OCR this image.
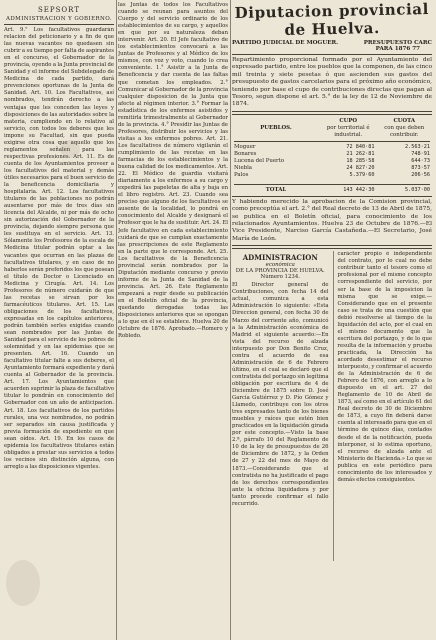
SEPSORT
ADMINISTRACION Y GOBIERNO.

Art. 9.° Los facultativos guardarán relacion del peticionario y a fin de que las nuevas vacantes no quedasen sin cubrir a su tiempo por falta de aspirantes en el concurso, el Gobernador de la provincia, oyendo a la Junta provincial de Sanidad y el informe del Subdelegado de Medicina de cada partido, dará prevenciones oportunas de la Junta de Sanidad. Art. 10. Los Facultativos, así nombrados, tendrán derecho a las ventajas que les conceden las leyes y disposiciones de las autoridades sobre la materia, cumpliendo en lo relativo al servicio, con todos los deberes que les impone su Facultad, sin que pueda exigirse otra cosa que aquello que los reglamentos señalen para las respectivas profesiones. Art. 11. Es de cuenta de los Ayuntamientos proveer a los facultativos del material y demás útiles necesarios para el buen servicio de la beneficencia domiciliaria y hospitalaria. Art. 12. Los facultativos titulares de las poblaciones no podrán ausentarse por más de tres días sin licencia del Alcalde, ni por más de ocho sin autorización del Gobernador de la provincia, dejando siempre persona que les sustituya en el servicio. Art. 13. Sólamente los Profesores de la escala de Medicina titular podrán optar a las vacantes que ocurran en las plazas de facultativos titulares, y en caso de no haberlos serán preferidos los que posean el título de Doctor o Licenciado en Medicina y Cirugía. Art. 14. Los Profesores de número cuidarán de que las recetas se sirvan por los farmacéuticos titulares. Art. 15. Las obligaciones de los facultativos, expresadas en los capítulos anteriores, podrán también serles exigidas cuando sean nombrados por las Juntas de Sanidad para el servicio de los pobres de solemnidad y en las epidemias que se presenten. Art. 16. Cuando un facultativo titular falte a sus deberes, el Ayuntamiento formará expediente y dará cuenta al Gobernador de la provincia. Art. 17. Los Ayuntamientos que acuerden suprimir la plaza de facultativo titular lo pondrán en conocimiento del Gobernador con un año de anticipacion. Art. 18. Los facultativos de los partidos rurales, una vez nombrados, no podrán ser separados sin causa justificada y previa formación de expediente en que sean oídos. Art. 19. En los casos de epidemia los facultativos titulares están obligados a prestar sus servicios a todos los vecinos sin distinción alguna, con arreglo a las disposiciones vigentes.

las Juntas de todos los Facultativos cuando se reunan para asuntos del Cuerpo y del servicio ordinario de los establecimientos de su cargo, y aquellos en que por su naturaleza deban intervenir. Art. 20. El Jefe facultativo de los establecimientos convocará a las Juntas de Profesores y al Médico de los mismos, con voz y voto, cuando lo crea conveniente. 1.° Asistir a la Junta de Beneficencia y dar cuenta de las faltas que cometan los empleados. 2.° Comunicar al Gobernador de la provincia cualquier disposicion de la Junta que afecte al régimen interior. 3.° Formar la estadística de los enfermos asistidos y remitirla trimestralmente al Gobernador de la provincia. 4.° Presidir las Juntas de Profesores, distribuir los servicios y las visitas a los enfermos pobres. Art. 21. Los facultativos de número vigilarán el cumplimiento de las recetas en las farmacias de los establecimientos y la buena calidad de los medicamentos. Art. 22. El Médico de guardia visitará diariamente a los enfermos a su cargo y expedirá las papeletas de alta y baja en el libro registro. Art. 23. Cuando sea preciso que alguno de los facultativos se ausente de la localidad, lo pondrá en conocimiento del Alcalde y designará el Profesor que le ha de sustituir. Art. 24. El Jefe facultativo en cada establecimiento cuidará de que se cumplan exactamente las prescripciones de este Reglamento en la parte que le corresponde. Art. 25. Los facultativos de la Beneficencia provincial serán nombrados por la Diputación mediante concurso y previo informe de la Junta de Sanidad de la provincia. Art. 26. Este Reglamento empezará a regir desde su publicación en el Boletín oficial de la provincia, quedando derogadas todas las disposiciones anteriores que se opongan a lo que en él se establece. Huelva 20 de Octubre de 1876. Aprobado.—Romero y Robledo.

Diputacion provincial de Huelva.
PARTIDO JUDICIAL DE MOGUER.	PRESUPUESTO CARC
PARA 1876 77

Repartimiento proporcional formado por el Ayuntamiento del expresado partido, entre los pueblos que la componen, de las cinco mil treinta y siete pesetas ó que ascienden sus gastos del presupuesto de gastos carcelarios para el próximo año económico, teniendo por base el cupo de contribuciones directas que pagan al Tesoro, segun dispone el art. 5.° de la ley de 12 de Noviembre de 1874.

PUEBLOS.	CUPO	CUOTA
	por territorial é industrial.	con que deben contribuir.

Moguer	72 840·81	2.563·21
Bonares	21 262·81	748·91
Lucena del Puerto	18 285·58	644·73
Niebla	24 827·20	873·57
Palos	5.379·60	206·56

TOTAL	143 442·30	5.037·00

Y habiendo merecido la aprobacion de la Comision provincial, como preceptúa el art. 2.° del Real decreto de 13 de Abril de 1875, se publica en el Boletín oficial, para conocimiento de los relacionados Ayuntamientos. Huelva 23 de Octubre de 1876.—El Vice Presidente, Narciso García Castañeda.—El Secretario, José María de León.

ADMINISTRACION
económica
DE LA PROVINCIA DE HUELVA.
Número 1234.

El Director general de Contribuciones, con fecha 14 del actual, comunica a esta Administración lo siguiente: «Esta Direccion general, con fecha 30 de Marzo del corriente año, comunicó a la Administración económica de Madrid el siguiente acuerdo:—En vista del recurso de alzada interpuesto por Don Benito Cruz, contra el acuerdo de esa Administración de 6 de Febrero último, en el cual se declaró que el contratista del portazgo sin legítima obligación por escritura de 4 de Diciembre de 1875 sobre D. José García Gutiérrez y D. Pío Gómez y Llamedo, contribuye con los otros tres expresados tanto de los bienes muebles y raíces que estén bien practicados en la liquidación girada por este concepto.—Visto la base 2.ª, párrafo 10 del Reglamento de 10 de la ley de presupuestos de 26 de Diciembre de 1872, y la Orden de 27 y 22 del mes de Mayo de 1873.—Considerando que el contratista no ha justificado el pago de los derechos correspondientes ante la oficina liquidadora y por tanto procede confirmar el fallo recurrido.

carácter propio é independiente del contrato, por lo cual no debe contribuir tanto el tesoro como el profesional por el mismo concepto correspondiente del servicio, por ser la base de la imposicion la misma que se exige.—Considerando que en el presente caso se trata de una cuestión que debió resolverse al tiempo de la liquidación del acto, por el cual en el mismo documento que la escritura del portazgo, y de lo que resulta de la información y prueba practicada, la Dirección ha acordado desestimar el recurso interpuesto, y confirmar el acuerdo de la Administración de 6 de Febrero de 1876, con arreglo a lo dispuesto en el art. 27 del Reglamento de 10 de Abril de 1873, así como en el artículo 61 del Real decreto de 30 de Diciembre de 1873, a cuyo fin deberá darse cuenta al interesado para que en el término de quince días, contados desde el de la notificación, pueda interponer, si lo estima oportuno, el recurso de alzada ante el Ministerio de Hacienda.» Lo que se publica en este periódico para conocimiento de los interesados y demás efectos consiguientes.
